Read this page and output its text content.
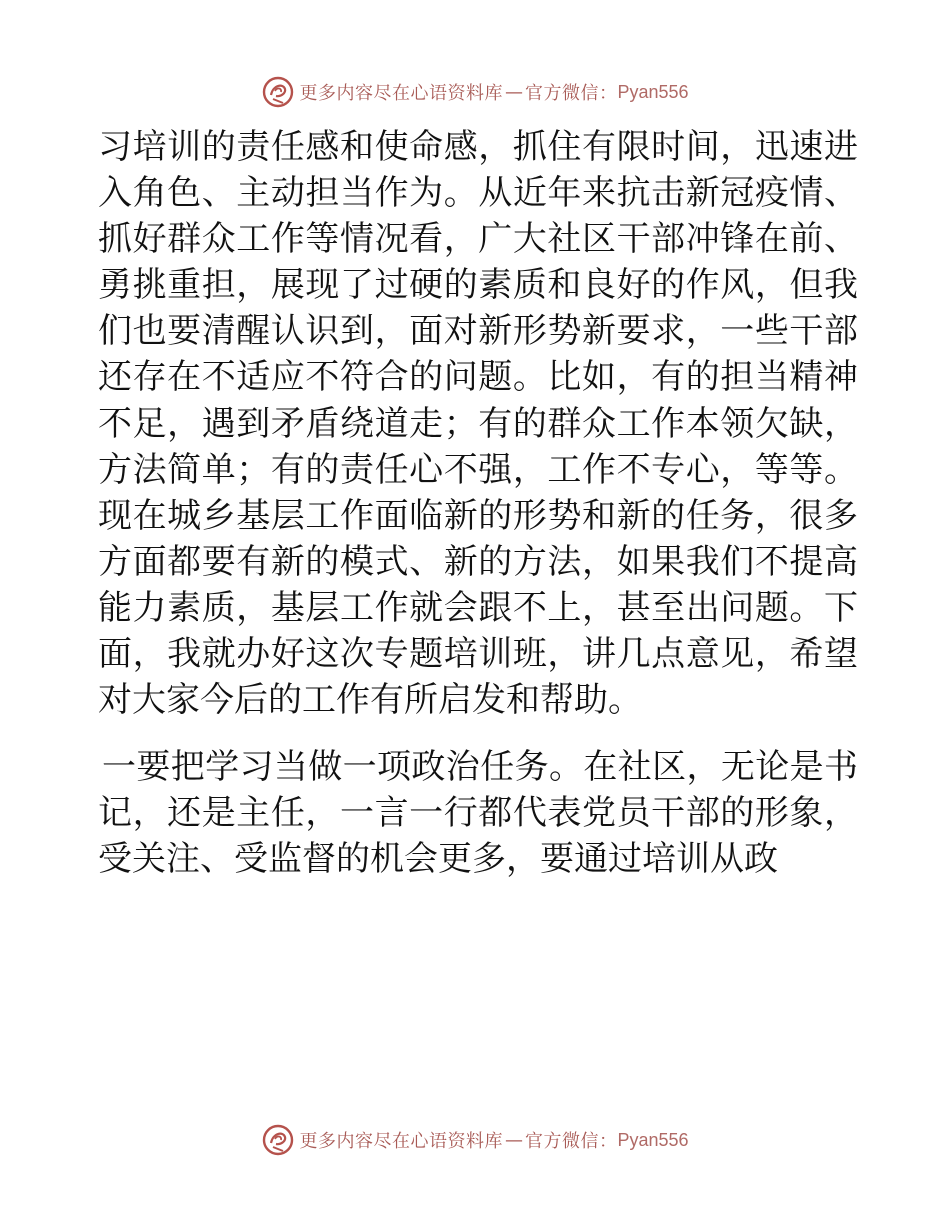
更多内容尽在心语资料库 — 官方微信： Pyan556

习培训的责任感和使命感，抓住有限时间，迅速进入角色、主动担当作为。从近年来抗击新冠疫情、抓好群众工作等情况看，广大社区干部冲锋在前、勇挑重担，展现了过硬的素质和良好的作风，但我们也要清醒认识到，面对新形势新要求，一些干部还存在不适应不符合的问题。比如，有的担当精神不足，遇到矛盾绕道走；有的群众工作本领欠缺，方法简单；有的责任心不强，工作不专心，等等。现在城乡基层工作面临新的形势和新的任务，很多方面都要有新的模式、新的方法，如果我们不提高能力素质，基层工作就会跟不上，甚至出问题。下面，我就办好这次专题培训班，讲几点意见，希望对大家今后的工作有所启发和帮助。

一要把学习当做一项政治任务。在社区，无论是书记，还是主任，一言一行都代表党员干部的形象，受关注、受监督的机会更多，要通过培训从政

更多内容尽在心语资料库 — 官方微信： Pyan556
